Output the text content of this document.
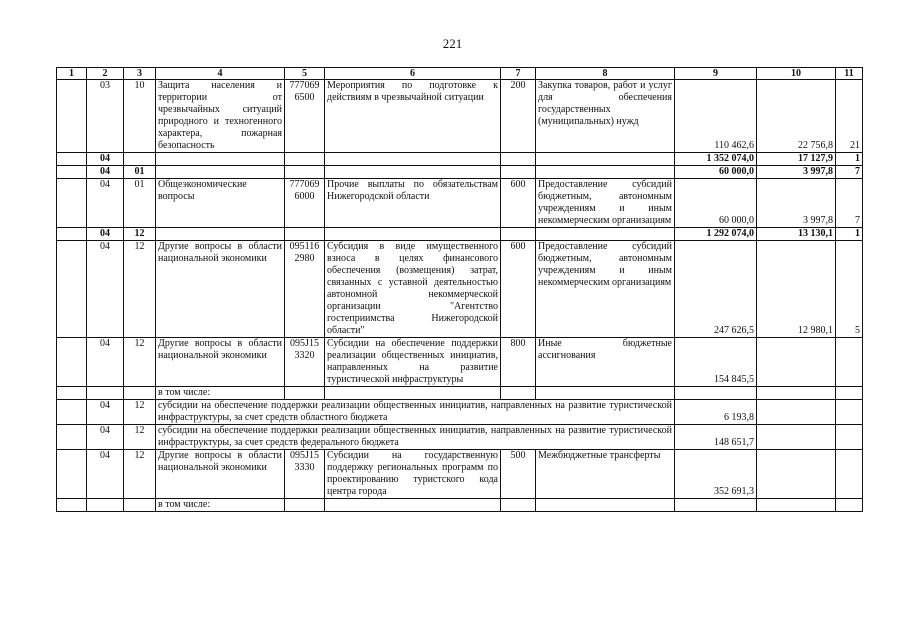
221
1	2	3	4	5	6	7	8	9	10	11
	03	10	Защита населения и территории от чрезвычайных ситуаций природного и техногенного характера, пожарная безопасность	777069 6500	Мероприятия по подготовке к действиям в чрезвычайной ситуации	200	Закупка товаров, работ и услуг для обеспечения государственных (муниципальных) нужд	110 462,6	22 756,8	21
	04							1 352 074,0	17 127,9	1
	04	01						60 000,0	3 997,8	7
	04	01	Общеэкономические вопросы	777069 6000	Прочие выплаты по обязательствам Нижегородской области	600	Предоставление субсидий бюджетным, автономным учреждениям и иным некоммерческим организациям	60 000,0	3 997,8	7
	04	12						1 292 074,0	13 130,1	1
	04	12	Другие вопросы в области национальной экономики	095116 2980	Субсидия в виде имущественного взноса в целях финансового обеспечения (возмещения) затрат, связанных с уставной деятельностью автономной некоммерческой организации "Агентство гостеприимства Нижегородской области"	600	Предоставление субсидий бюджетным, автономным учреждениям и иным некоммерческим организациям	247 626,5	12 980,1	5
	04	12	Другие вопросы в области национальной экономики	095J15 3320	Субсидии на обеспечение поддержки реализации общественных инициатив, направленных на развитие туристической инфраструктуры	800	Иные бюджетные ассигнования	154 845,5		
			в том числе:							
	04	12	субсидии на обеспечение поддержки реализации общественных инициатив, направленных на развитие туристической инфраструктуры, за счет средств областного бюджета					6 193,8		
	04	12	субсидии на обеспечение поддержки реализации общественных инициатив, направленных на развитие туристической инфраструктуры, за счет средств федерального бюджета					148 651,7		
	04	12	Другие вопросы в области национальной экономики	095J15 3330	Субсидии на государственную поддержку региональных программ по проектированию туристского кода центра города	500	Межбюджетные трансферты	352 691,3		
			в том числе:							
